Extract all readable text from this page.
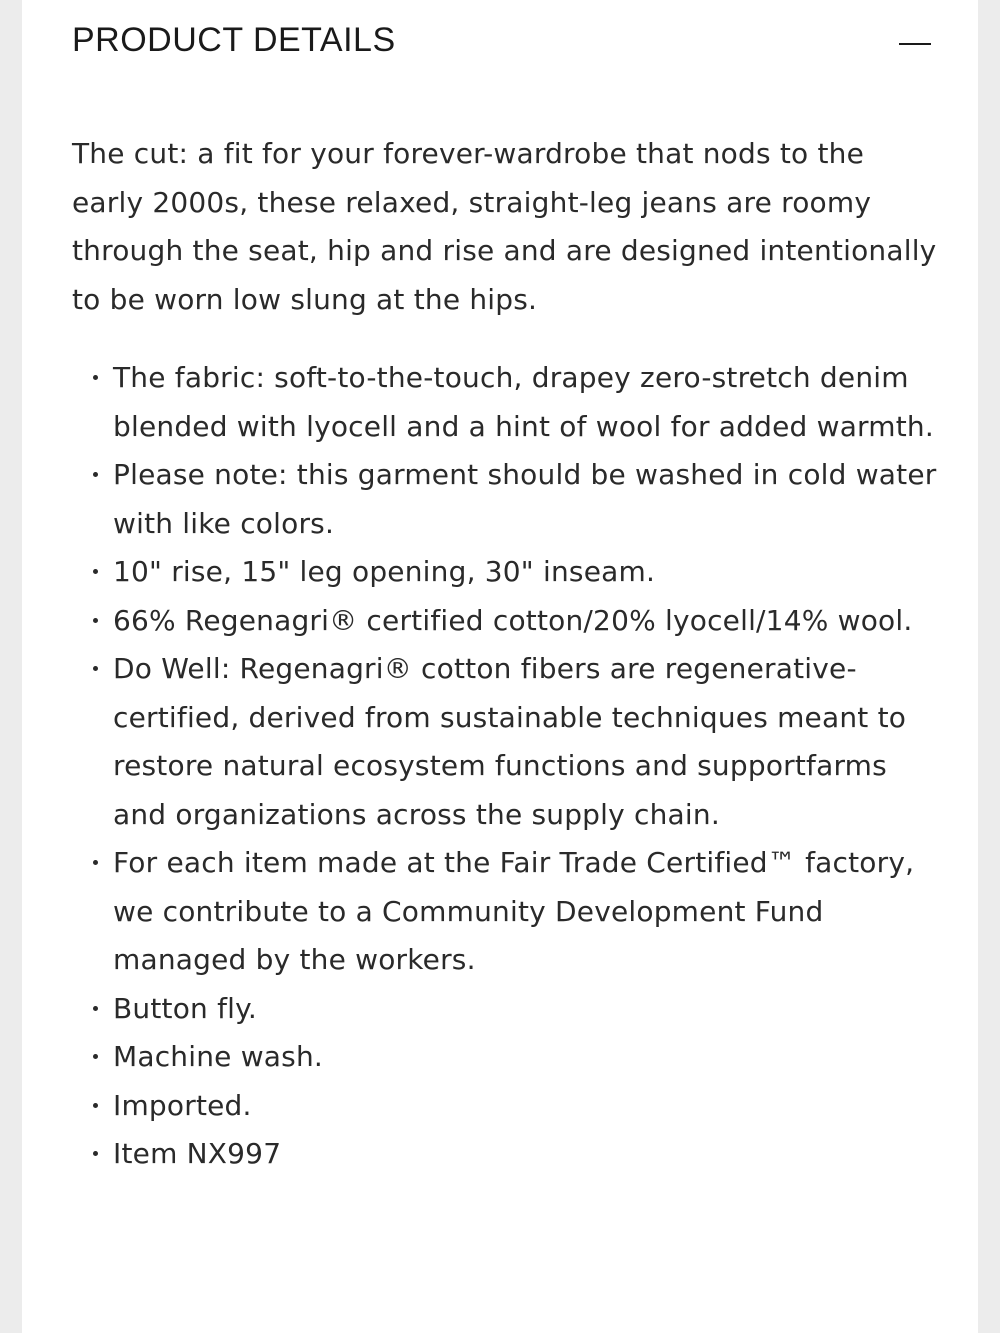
PRODUCT DETAILS

The cut: a fit for your forever-wardrobe that nods to the early 2000s, these relaxed, straight-leg jeans are roomy through the seat, hip and rise and are designed intentionally to be worn low slung at the hips.

The fabric: soft-to-the-touch, drapey zero-stretch denim blended with lyocell and a hint of wool for added warmth.
Please note: this garment should be washed in cold water with like colors.
10" rise, 15" leg opening, 30" inseam.
66% Regenagri® certified cotton/20% lyocell/14% wool.
Do Well: Regenagri® cotton fibers are regenerative-certified, derived from sustainable techniques meant to restore natural ecosystem functions and supportfarms and organizations across the supply chain.
For each item made at the Fair Trade Certified™ factory, we contribute to a Community Development Fund managed by the workers.
Button fly.
Machine wash.
Imported.
Item NX997
